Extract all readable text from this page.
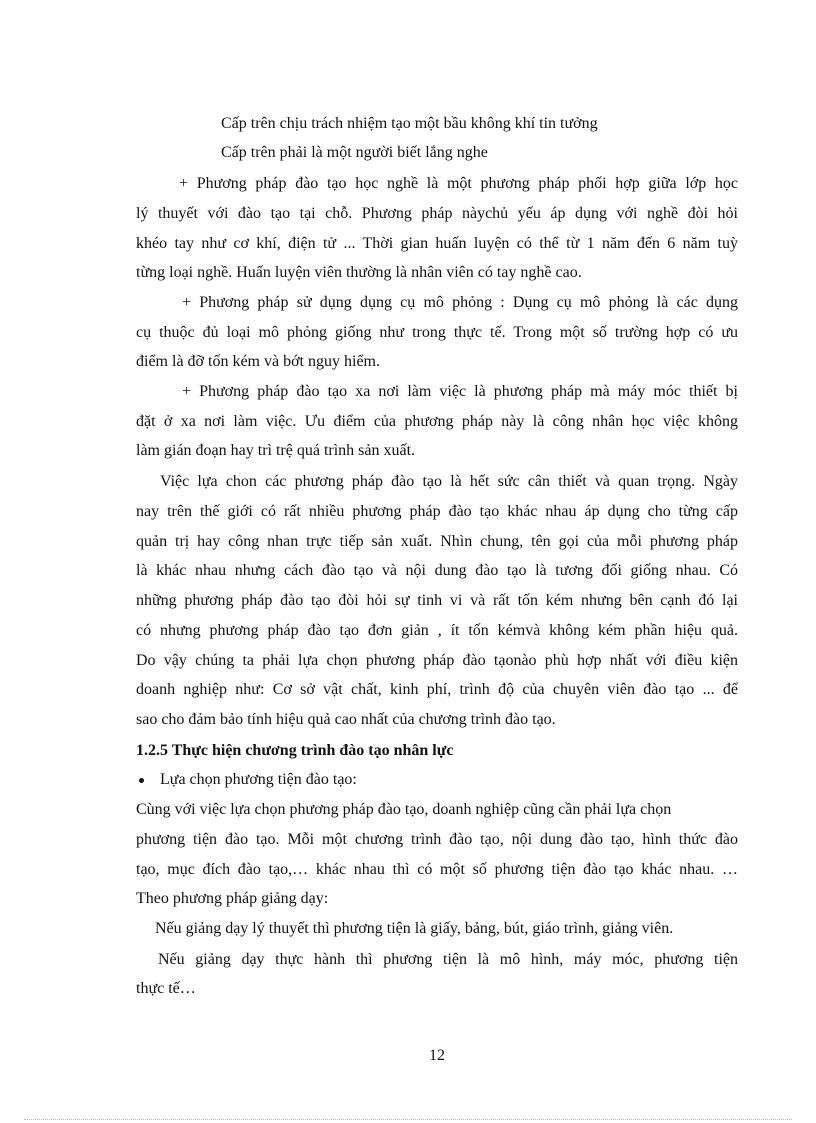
Cấp trên chịu trách nhiệm tạo một bầu không khí tin tưởng
Cấp trên phải là một người biết lắng nghe
+ Phương pháp đào tạo học nghề là một phương pháp phối hợp giữa lớp học
lý thuyết với đào tạo tại chỗ. Phương pháp nàychủ yếu áp dụng với nghề đòi hỏi
khéo tay như cơ khí, điện tử ... Thời gian huấn luyện có thể từ 1 năm đến 6 năm tuỳ
từng loại nghề. Huấn luyện viên thường là nhân viên có tay nghề cao.
+ Phương pháp sử dụng dụng cụ mô phỏng : Dụng cụ mô phỏng là các dụng
cụ thuộc đủ loại mô phỏng giống như trong thực tế. Trong một số trường hợp có ưu
điểm là đỡ tốn kém và bớt nguy hiểm.
+ Phương pháp đào tạo xa nơi làm việc là phương pháp mà máy móc thiết bị
đặt ở xa nơi làm việc. Ưu điểm của phương pháp này là công nhân học việc không
làm gián đoạn hay trì trệ quá trình sản xuất.
Việc lựa chon các phương pháp đào tạo là hết sức cân thiết và quan trọng. Ngày
nay trên thế giới có rất nhiều phương pháp đào tạo khác nhau áp dụng cho từng cấp
quản trị hay công nhan trực tiếp sản xuất. Nhìn chung, tên gọi của mỗi phương pháp
là khác nhau nhưng cách đào tạo và nội dung đào tạo là tương đối giống nhau. Có
những phương pháp đào tạo đòi hỏi sự tinh vi và rất tốn kém nhưng bên cạnh đó lại
có nhưng phương pháp đào tạo đơn giản , ít tốn kémvà không kém phần hiệu quả.
Do vậy chúng ta phải lựa chọn phương pháp đào tạonào phù hợp nhất với điều kiện
doanh nghiệp như: Cơ sở vật chất, kinh phí, trình độ của chuyên viên đào tạo ... để
sao cho đảm bảo tính hiệu quả cao nhất của chương trình đào tạo.
1.2.5 Thực hiện chương trình đào tạo nhân lực
Lựa chọn phương tiện đào tạo:
Cùng với việc lựa chọn phương pháp đào tạo, doanh nghiệp cũng cần phải lựa chọn
phương tiện đào tạo. Mỗi một chương trình đào tạo, nội dung đào tạo, hình thức đào
tạo, mục đích đào tạo,… khác nhau thì có một số phương tiện đào tạo khác nhau. …
Theo phương pháp giảng dạy:
Nếu giảng dạy lý thuyết thì phương tiện là giấy, bảng, bút, giáo trình, giảng viên.
Nếu giảng dạy thực hành thì phương tiện là mô hình, máy móc, phương tiện
thực tế…
12
